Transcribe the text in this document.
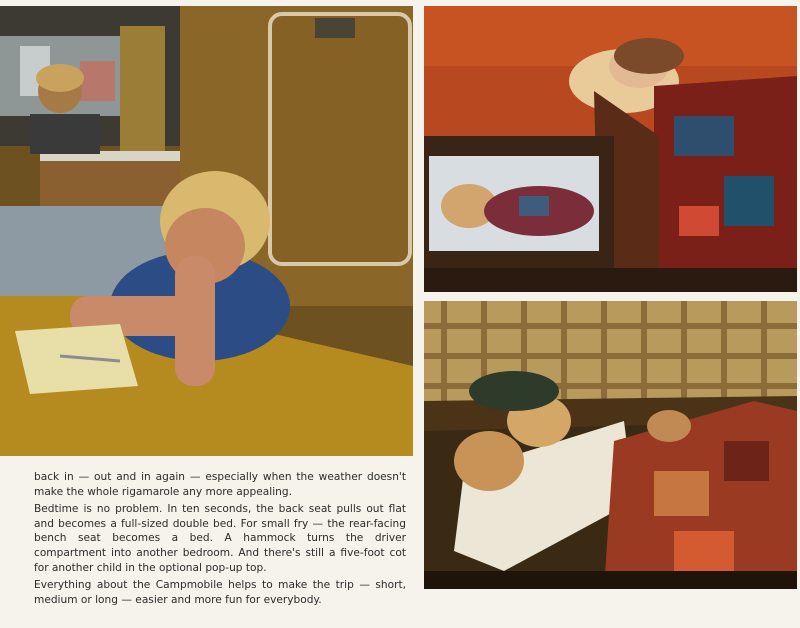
back in — out and in again — especially when the weather doesn't make the whole rigamarole any more appealing.

Bedtime is no problem. In ten seconds, the back seat pulls out flat and becomes a full-sized double bed. For small fry — the rear-facing bench seat becomes a bed. A hammock turns the driver compartment into another bedroom. And there's still a five-foot cot for another child in the optional pop-up top.

Everything about the Campmobile helps to make the trip — short, medium or long — easier and more fun for everybody.
